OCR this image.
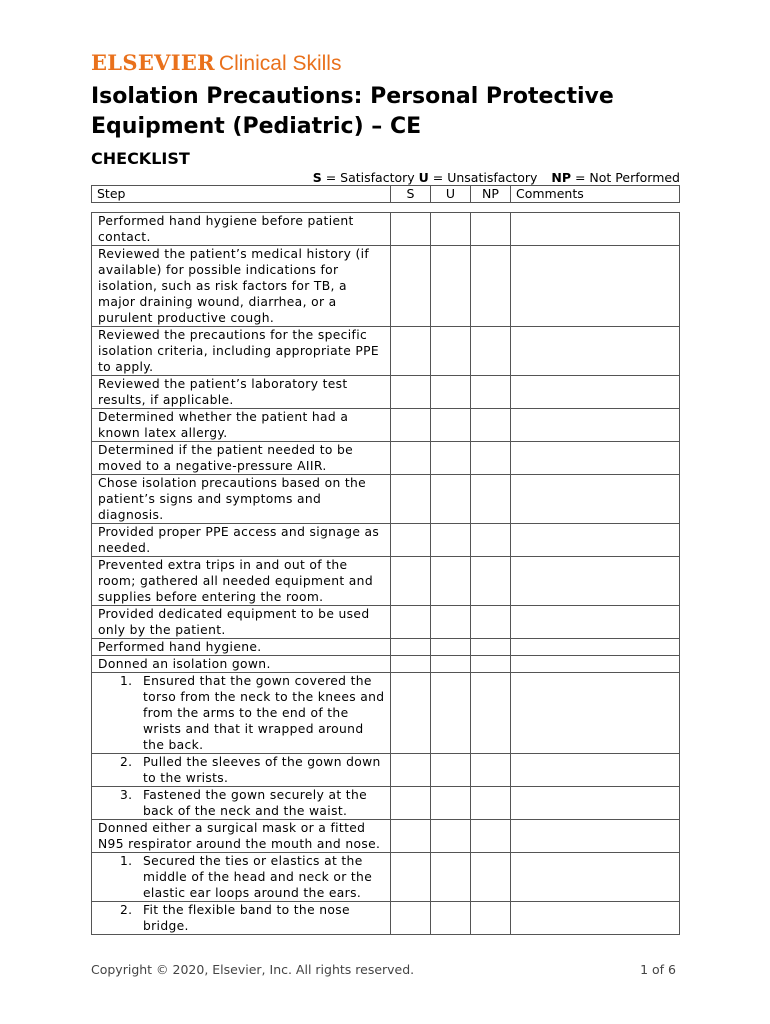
ELSEVIER Clinical Skills
Isolation Precautions: Personal Protective Equipment (Pediatric) – CE
CHECKLIST
S = Satisfactory U = Unsatisfactory NP = Not Performed
Step	S	U	NP	Comments
Performed hand hygiene before patient contact.				
Reviewed the patient’s medical history (if available) for possible indications for isolation, such as risk factors for TB, a major draining wound, diarrhea, or a purulent productive cough.				
Reviewed the precautions for the specific isolation criteria, including appropriate PPE to apply.				
Reviewed the patient’s laboratory test results, if applicable.				
Determined whether the patient had a known latex allergy.				
Determined if the patient needed to be moved to a negative-pressure AIIR.				
Chose isolation precautions based on the patient’s signs and symptoms and diagnosis.				
Provided proper PPE access and signage as needed.				
Prevented extra trips in and out of the room; gathered all needed equipment and supplies before entering the room.				
Provided dedicated equipment to be used only by the patient.				
Performed hand hygiene.				
Donned an isolation gown.				
1. Ensured that the gown covered the torso from the neck to the knees and from the arms to the end of the wrists and that it wrapped around the back.				
2. Pulled the sleeves of the gown down to the wrists.				
3. Fastened the gown securely at the back of the neck and the waist.				
Donned either a surgical mask or a fitted N95 respirator around the mouth and nose.				
1. Secured the ties or elastics at the middle of the head and neck or the elastic ear loops around the ears.				
2. Fit the flexible band to the nose bridge.				
Copyright © 2020, Elsevier, Inc. All rights reserved.	1 of 6
